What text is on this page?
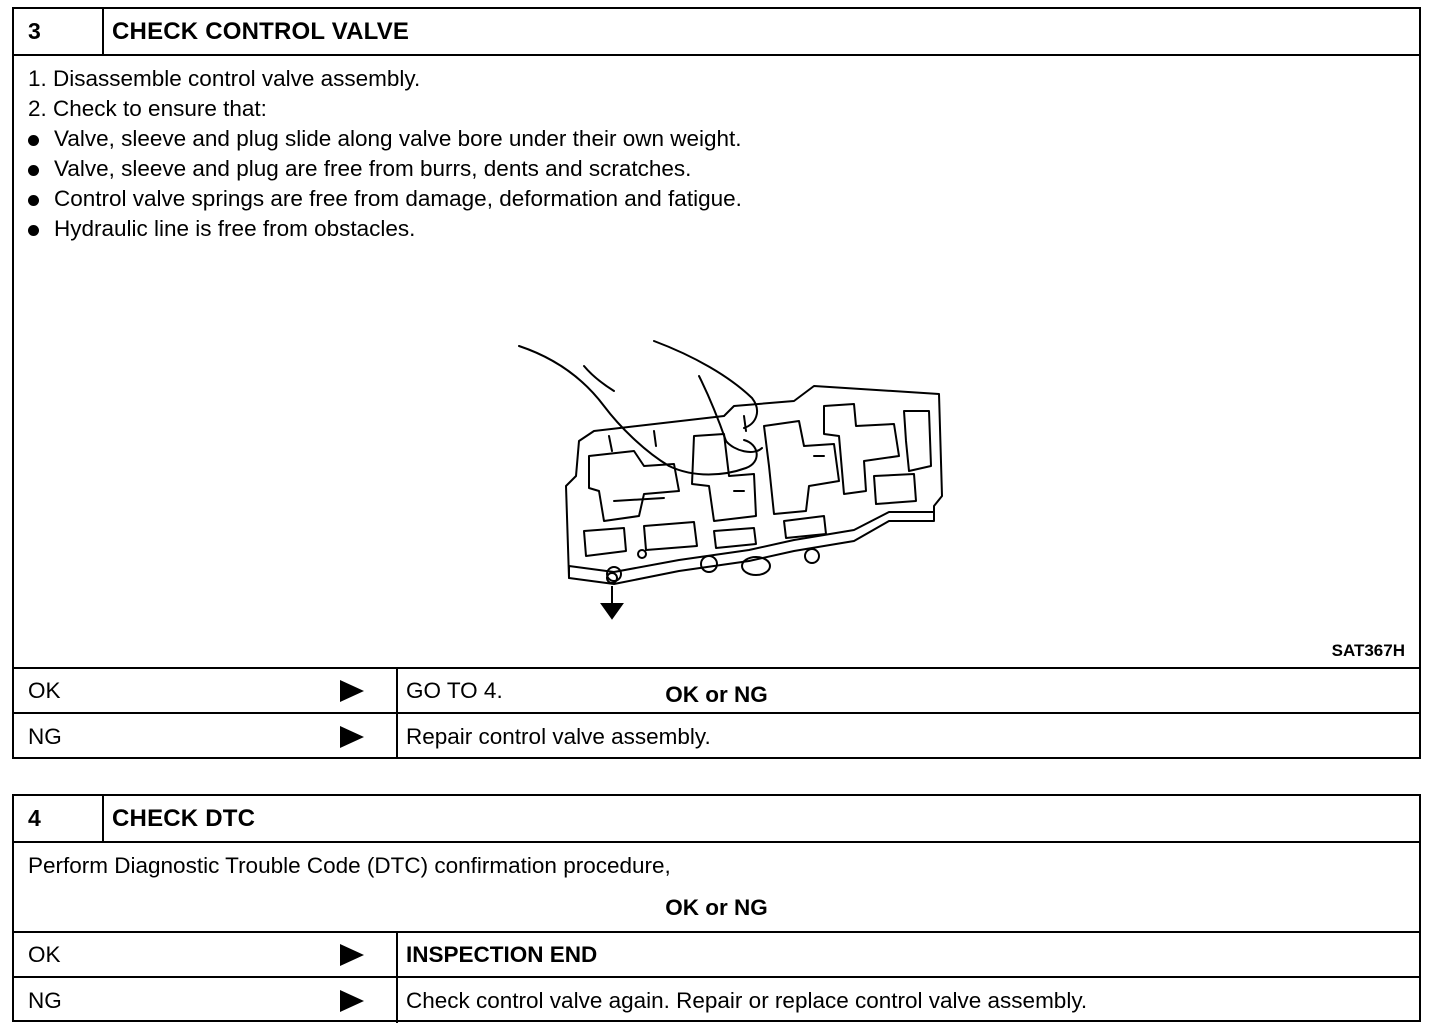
3	CHECK CONTROL VALVE
1. Disassemble control valve assembly.
2. Check to ensure that:
Valve, sleeve and plug slide along valve bore under their own weight.
Valve, sleeve and plug are free from burrs, dents and scratches.
Control valve springs are free from damage, deformation and fatigue.
Hydraulic line is free from obstacles.
SAT367H
OK or NG
OK	GO TO 4.
NG	Repair control valve assembly.
4	CHECK DTC
Perform Diagnostic Trouble Code (DTC) confirmation procedure,
OK or NG
OK	INSPECTION END
NG	Check control valve again. Repair or replace control valve assembly.
